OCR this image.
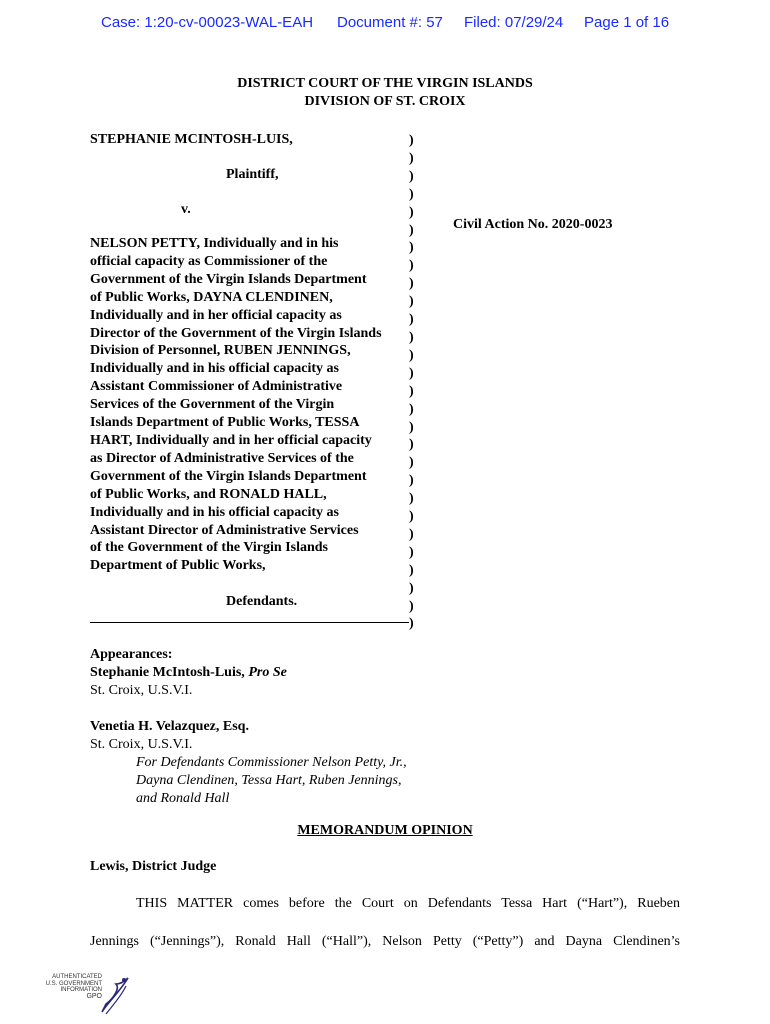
Case: 1:20-cv-00023-WAL-EAH Document #: 57 Filed: 07/29/24 Page 1 of 16
DISTRICT COURT OF THE VIRGIN ISLANDS
DIVISION OF ST. CROIX
STEPHANIE MCINTOSH-LUIS,
Plaintiff,
v.
NELSON PETTY, Individually and in his
official capacity as Commissioner of the
Government of the Virgin Islands Department
of Public Works, DAYNA CLENDINEN,
Individually and in her official capacity as
Director of the Government of the Virgin Islands
Division of Personnel, RUBEN JENNINGS,
Individually and in his official capacity as
Assistant Commissioner of Administrative
Services of the Government of the Virgin
Islands Department of Public Works, TESSA
HART, Individually and in her official capacity
as Director of Administrative Services of the
Government of the Virgin Islands Department
of Public Works, and RONALD HALL,
Individually and in his official capacity as
Assistant Director of Administrative Services
of the Government of the Virgin Islands
Department of Public Works,
Defendants.
)
)
)
)
)
)
)
)
)
)
)
)
)
)
)
)
)
)
)
)
)
)
)
)
)
)
)
)
Civil Action No. 2020-0023
Appearances:
Stephanie McIntosh-Luis, Pro Se
St. Croix, U.S.V.I.
Venetia H. Velazquez, Esq.
St. Croix, U.S.V.I.
For Defendants Commissioner Nelson Petty, Jr.,
Dayna Clendinen, Tessa Hart, Ruben Jennings,
and Ronald Hall
MEMORANDUM OPINION
Lewis, District Judge
THIS MATTER comes before the Court on Defendants Tessa Hart (“Hart”), Rueben
Jennings (“Jennings”), Ronald Hall (“Hall”), Nelson Petty (“Petty”) and Dayna Clendinen’s
AUTHENTICATED
U.S. GOVERNMENT
INFORMATION
GPO
